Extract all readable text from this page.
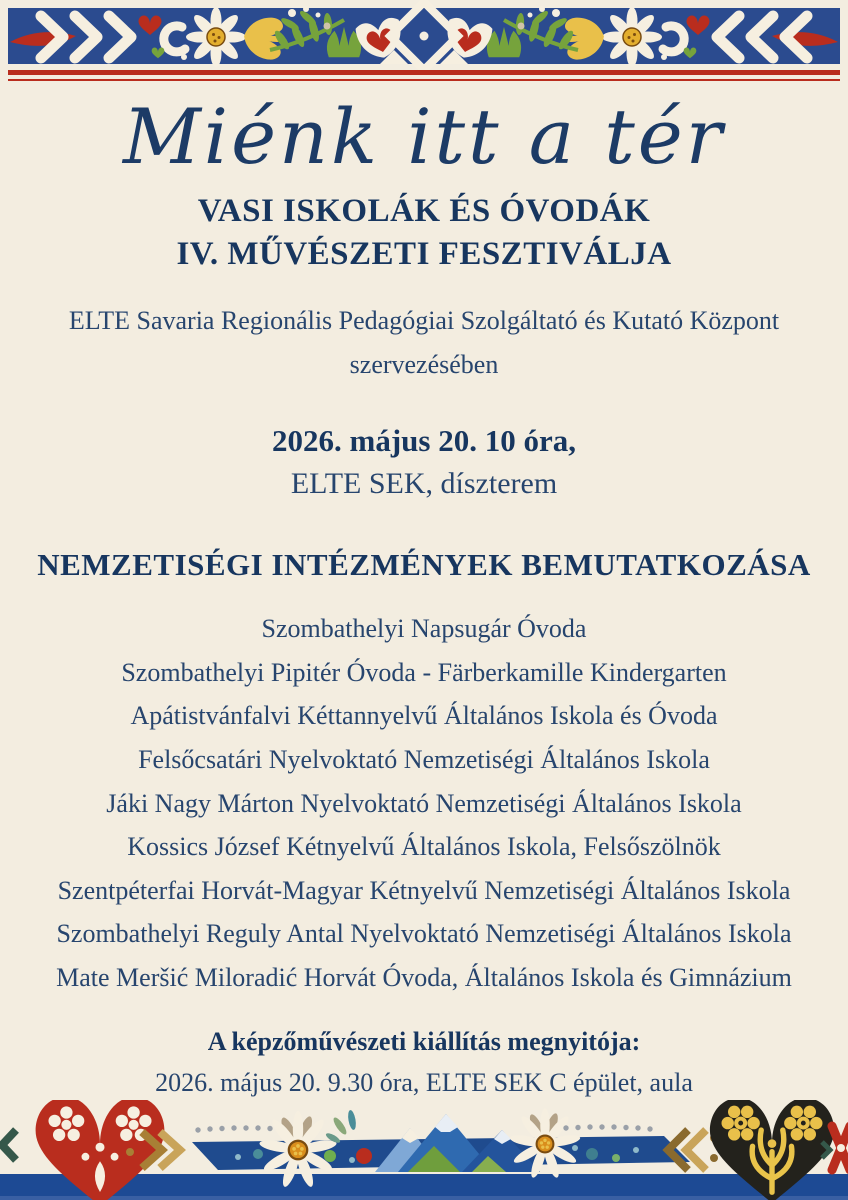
Miénk itt a tér
VASI ISKOLÁK ÉS ÓVODÁK
IV. MŰVÉSZETI FESZTIVÁLJA
ELTE Savaria Regionális Pedagógiai Szolgáltató és Kutató Központ
szervezésében
2026. május 20. 10 óra,
ELTE SEK, díszterem
NEMZETISÉGI INTÉZMÉNYEK BEMUTATKOZÁSA
Szombathelyi Napsugár Óvoda
Szombathelyi Pipitér Óvoda - Färberkamille Kindergarten
Apátistvánfalvi Kéttannyelvű Általános Iskola és Óvoda
Felsőcsatári Nyelvoktató Nemzetiségi Általános Iskola
Jáki Nagy Márton Nyelvoktató Nemzetiségi Általános Iskola
Kossics József Kétnyelvű Általános Iskola, Felsőszölnök
Szentpéterfai Horvát-Magyar Kétnyelvű Nemzetiségi Általános Iskola
Szombathelyi Reguly Antal Nyelvoktató Nemzetiségi Általános Iskola
Mate Meršić Miloradić Horvát Óvoda, Általános Iskola és Gimnázium
A képzőművészeti kiállítás megnyitója:
2026. május 20. 9.30 óra, ELTE SEK C épület, aula
